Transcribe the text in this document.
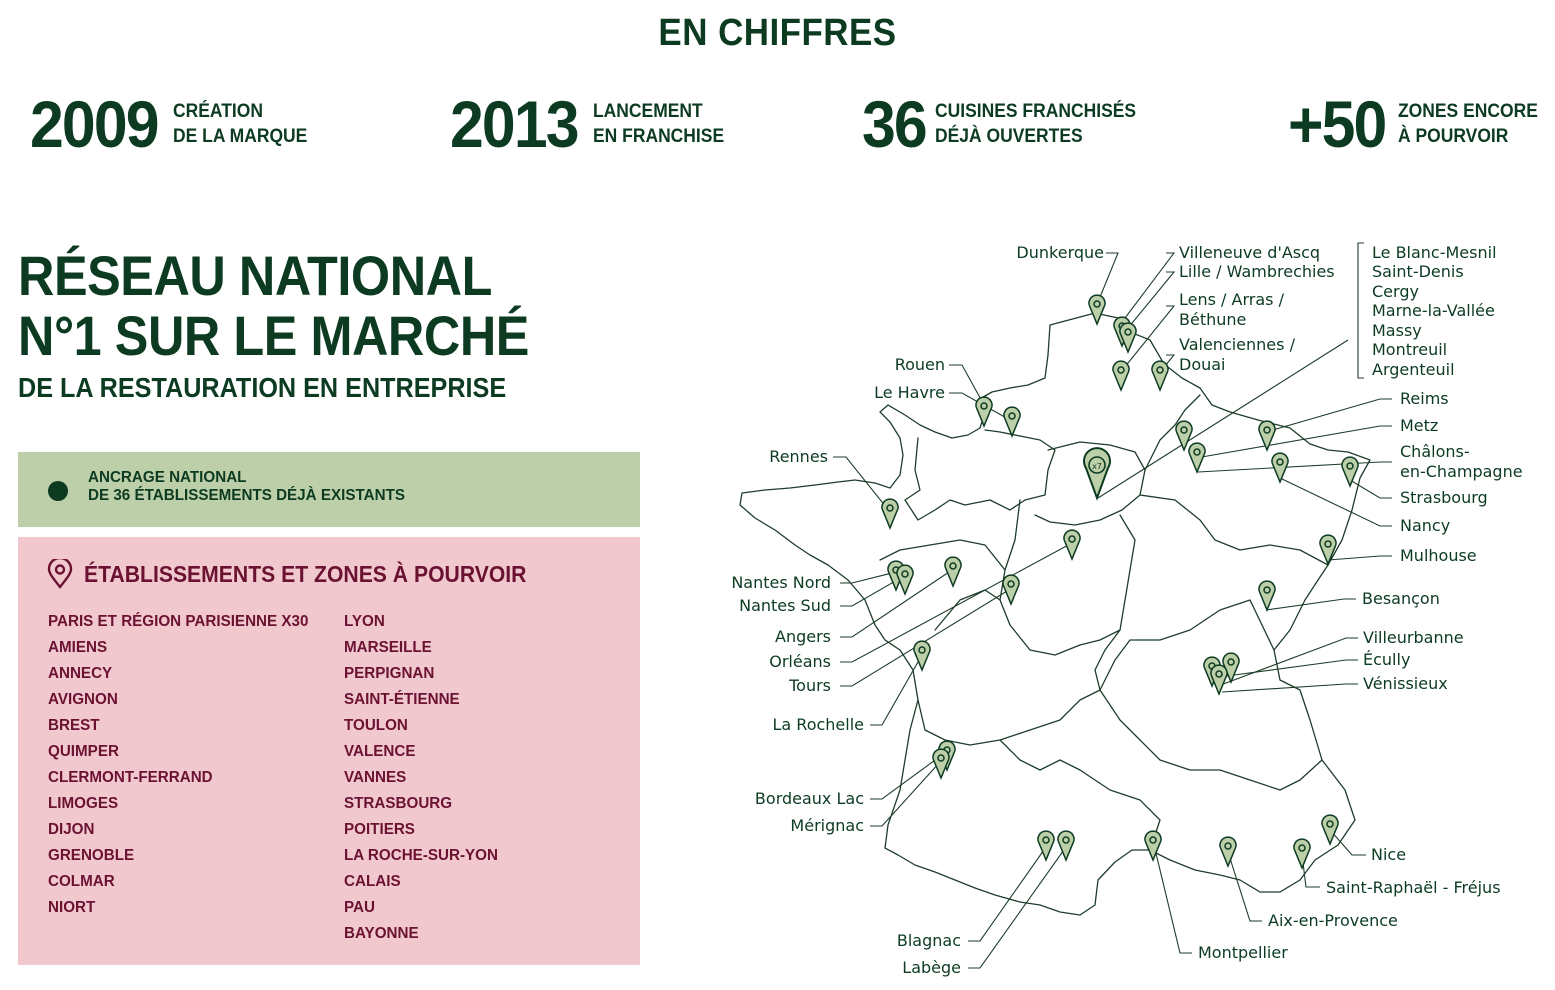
EN CHIFFRES
2009 CRÉATION
DE LA MARQUE 2013 LANCEMENT
EN FRANCHISE 36 CUISINES FRANCHISÉS
DÉJÀ OUVERTES	+50 ZONES ENCORE
À POURVOIR
RÉSEAU NATIONAL
N°1 SUR LE MARCHÉ
DE LA RESTAURATION EN ENTREPRISE
ANCRAGE NATIONAL
DE 36 ÉTABLISSEMENTS DÉJÀ EXISTANTS
ÉTABLISSEMENTS ET ZONES À POURVOIR
PARIS ET RÉGION PARISIENNE X30
AMIENS
ANNECY
AVIGNON
BREST
QUIMPER
CLERMONT-FERRAND
LIMOGES
DIJON
GRENOBLE
COLMAR
NIORT
LYON
MARSEILLE
PERPIGNAN
SAINT-ÉTIENNE
TOULON
VALENCE
VANNES
STRASBOURG
POITIERS
LA ROCHE-SUR-YON
CALAIS
PAU
BAYONNE
x7
Dunkerque	Villeneuve d'Ascq
Lille / Wambrechies
Lens / Arras /
Béthune
Valenciennes /
Douai
Le Blanc-Mesnil
Saint-Denis
Cergy
Marne-la-Vallée
Massy
Montreuil
Argenteuil
Rouen
Le Havre
Rennes
Nantes Nord
Nantes Sud
Angers
Orléans
Tours
La Rochelle
Bordeaux Lac
Mérignac
Blagnac
Labège
Montpellier
Aix-en-Provence
Saint-Raphaël - Fréjus
Nice
Villeurbanne
Écully
Vénissieux
Besançon
Mulhouse
Nancy
Strasbourg
Châlons-
en-Champagne
Metz
Reims
